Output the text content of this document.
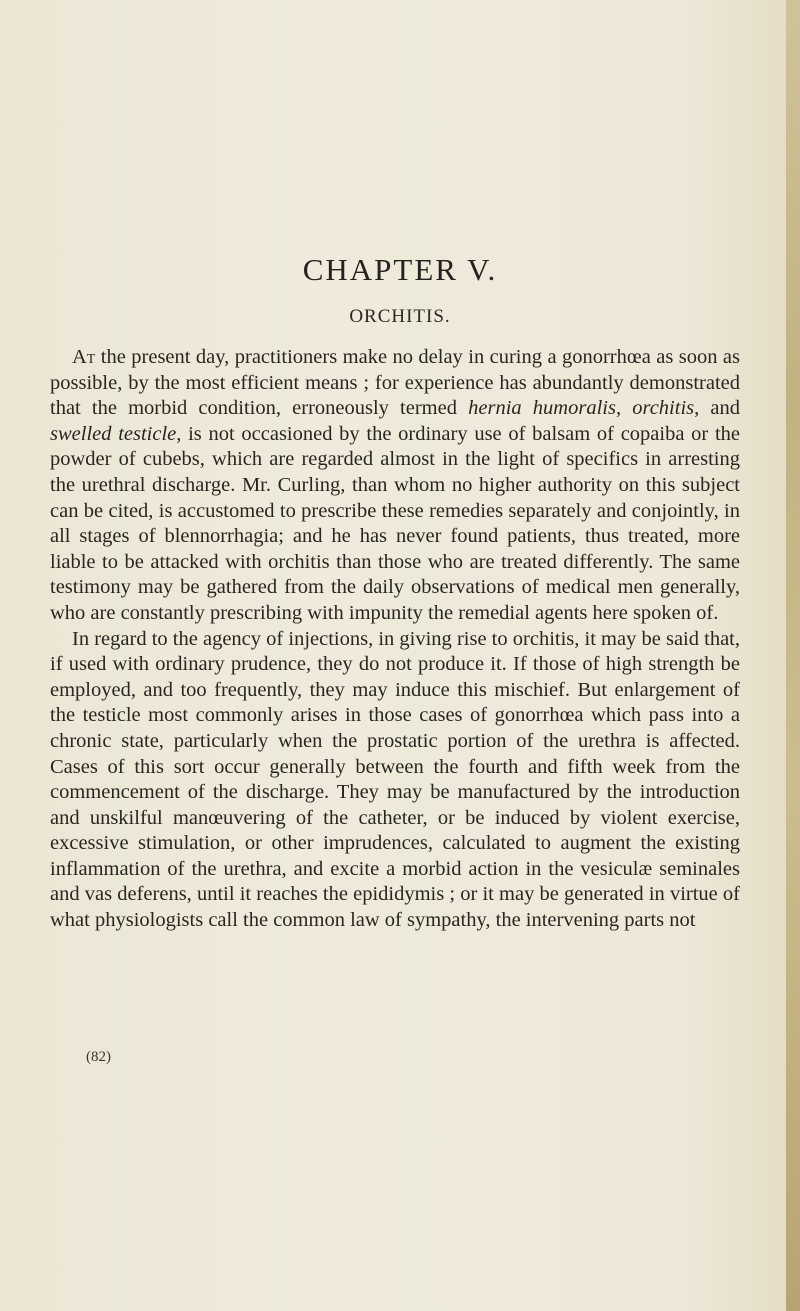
CHAPTER V.
ORCHITIS.

At the present day, practitioners make no delay in curing a gonorrhœa as soon as possible, by the most efficient means ; for experience has abundantly demonstrated that the morbid condition, erroneously termed hernia humoralis, orchitis, and swelled testicle, is not occasioned by the ordinary use of balsam of copaiba or the powder of cubebs, which are regarded almost in the light of specifics in arresting the urethral discharge. Mr. Curling, than whom no higher authority on this subject can be cited, is accustomed to prescribe these remedies separately and conjointly, in all stages of blennorrhagia; and he has never found patients, thus treated, more liable to be attacked with orchitis than those who are treated differently. The same testimony may be gathered from the daily observations of medical men generally, who are constantly prescribing with impunity the remedial agents here spoken of.

In regard to the agency of injections, in giving rise to orchitis, it may be said that, if used with ordinary prudence, they do not produce it. If those of high strength be employed, and too frequently, they may induce this mischief. But enlargement of the testicle most commonly arises in those cases of gonorrhœa which pass into a chronic state, particularly when the prostatic portion of the urethra is affected. Cases of this sort occur generally between the fourth and fifth week from the commencement of the discharge. They may be manufactured by the introduction and unskilful manœuvering of the catheter, or be induced by violent exercise, excessive stimulation, or other imprudences, calculated to augment the existing inflammation of the urethra, and excite a morbid action in the vesiculæ seminales and vas deferens, until it reaches the epididymis ; or it may be generated in virtue of what physiologists call the common law of sympathy, the intervening parts not

(82)
